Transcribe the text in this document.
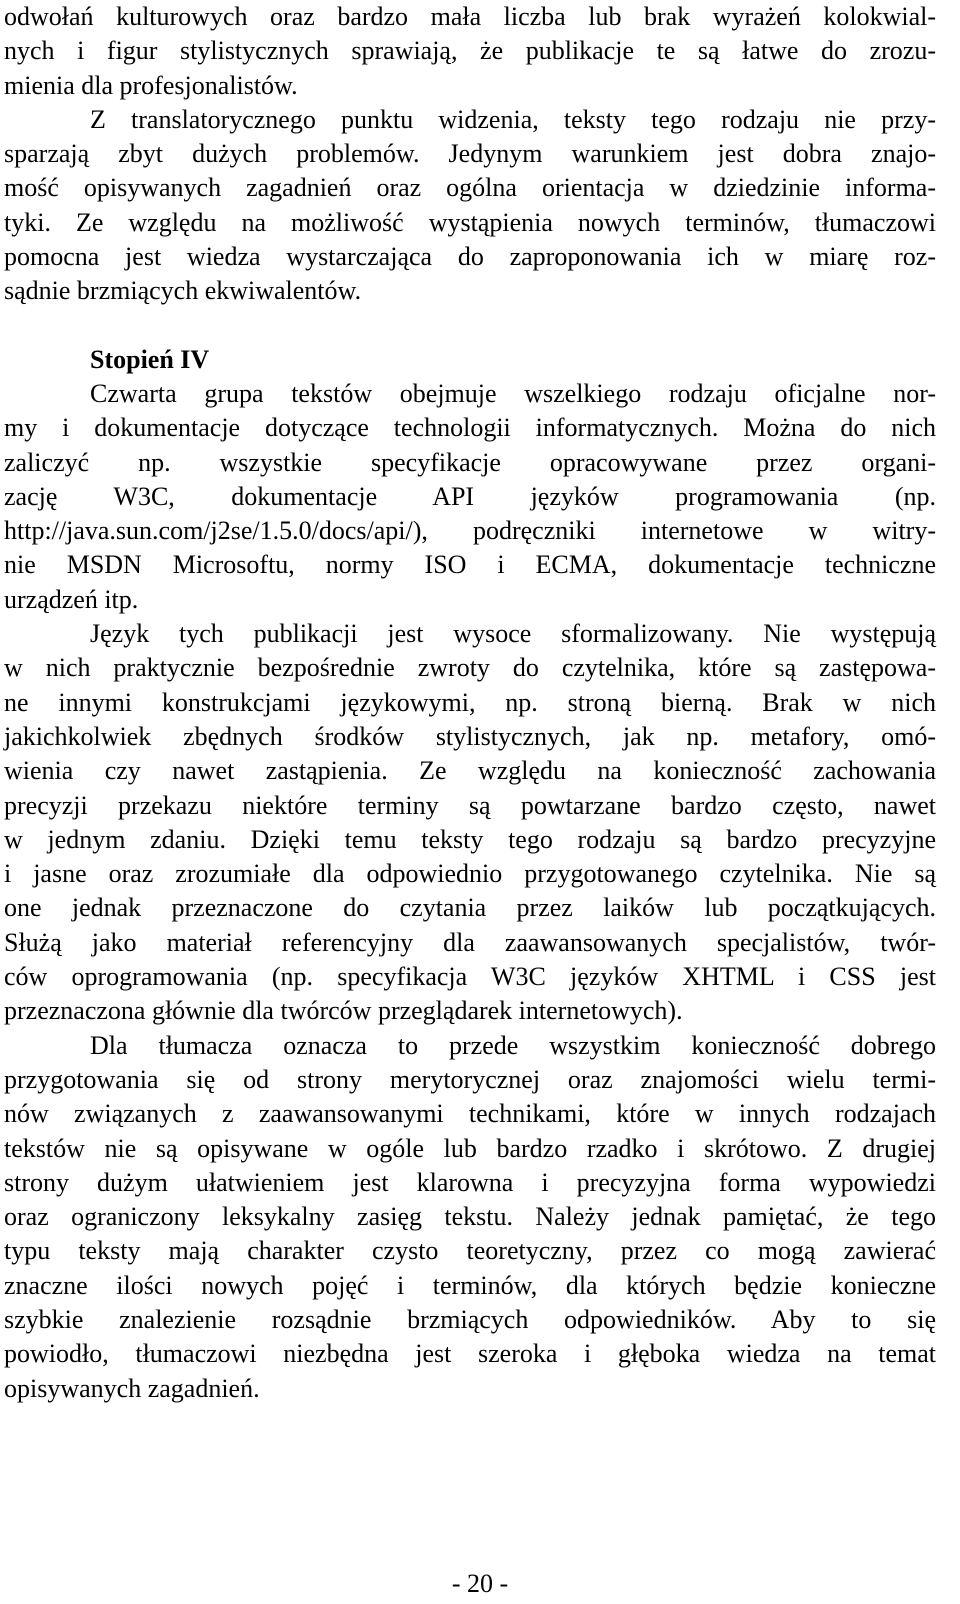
odwołań kulturowych oraz bardzo mała liczba lub brak wyrażeń kolokwial-
nych i figur stylistycznych sprawiają, że publikacje te są łatwe do zrozu-
mienia dla profesjonalistów.
Z translatorycznego punktu widzenia, teksty tego rodzaju nie przy-
sparzają zbyt dużych problemów. Jedynym warunkiem jest dobra znajo-
mość opisywanych zagadnień oraz ogólna orientacja w dziedzinie informa-
tyki. Ze względu na możliwość wystąpienia nowych terminów, tłumaczowi
pomocna jest wiedza wystarczająca do zaproponowania ich w miarę roz-
sądnie brzmiących ekwiwalentów.
Stopień IV
Czwarta grupa tekstów obejmuje wszelkiego rodzaju oficjalne nor-
my i dokumentacje dotyczące technologii informatycznych. Można do nich
zaliczyć np. wszystkie specyfikacje opracowywane przez organi-
zację W3C, dokumentacje API języków programowania (np.
http://java.sun.com/j2se/1.5.0/docs/api/), podręczniki internetowe w witry-
nie MSDN Microsoftu, normy ISO i ECMA, dokumentacje techniczne
urządzeń itp.
Język tych publikacji jest wysoce sformalizowany. Nie występują
w nich praktycznie bezpośrednie zwroty do czytelnika, które są zastępowa-
ne innymi konstrukcjami językowymi, np. stroną bierną. Brak w nich
jakichkolwiek zbędnych środków stylistycznych, jak np. metafory, omó-
wienia czy nawet zastąpienia. Ze względu na konieczność zachowania
precyzji przekazu niektóre terminy są powtarzane bardzo często, nawet
w jednym zdaniu. Dzięki temu teksty tego rodzaju są bardzo precyzyjne
i jasne oraz zrozumiałe dla odpowiednio przygotowanego czytelnika. Nie są
one jednak przeznaczone do czytania przez laików lub początkujących.
Służą jako materiał referencyjny dla zaawansowanych specjalistów, twór-
ców oprogramowania (np. specyfikacja W3C języków XHTML i CSS jest
przeznaczona głównie dla twórców przeglądarek internetowych).
Dla tłumacza oznacza to przede wszystkim konieczność dobrego
przygotowania się od strony merytorycznej oraz znajomości wielu termi-
nów związanych z zaawansowanymi technikami, które w innych rodzajach
tekstów nie są opisywane w ogóle lub bardzo rzadko i skrótowo. Z drugiej
strony dużym ułatwieniem jest klarowna i precyzyjna forma wypowiedzi
oraz ograniczony leksykalny zasięg tekstu. Należy jednak pamiętać, że tego
typu teksty mają charakter czysto teoretyczny, przez co mogą zawierać
znaczne ilości nowych pojęć i terminów, dla których będzie konieczne
szybkie znalezienie rozsądnie brzmiących odpowiedników. Aby to się
powiodło, tłumaczowi niezbędna jest szeroka i głęboka wiedza na temat
opisywanych zagadnień.
- 20 -
